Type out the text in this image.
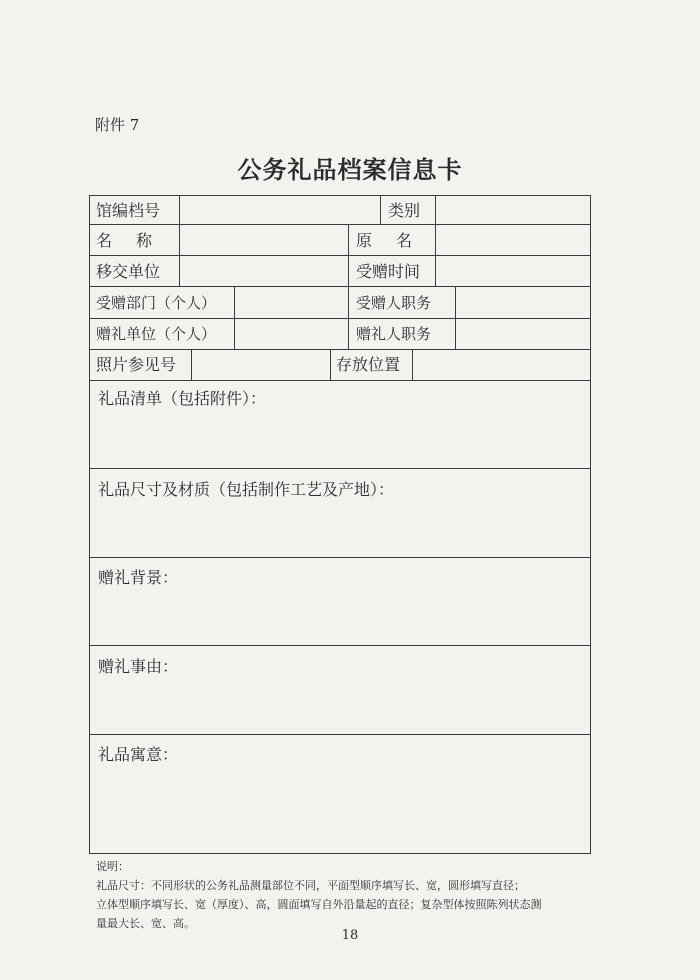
附件 7
公务礼品档案信息卡
馆编档号	类别
名　称	原　名
移交单位	受赠时间
受赠部门（个人）	受赠人职务
赠礼单位（个人）	赠礼人职务
照片参见号	存放位置
礼品清单（包括附件）：
礼品尺寸及材质（包括制作工艺及产地）：
赠礼背景：
赠礼事由：
礼品寓意：
说明：
礼品尺寸：不同形状的公务礼品测量部位不同，平面型顺序填写长、宽，圆形填写直径；
立体型顺序填写长、宽（厚度）、高，圆面填写自外沿量起的直径；复杂型体按照陈列状态测
量最大长、宽、高。
18
